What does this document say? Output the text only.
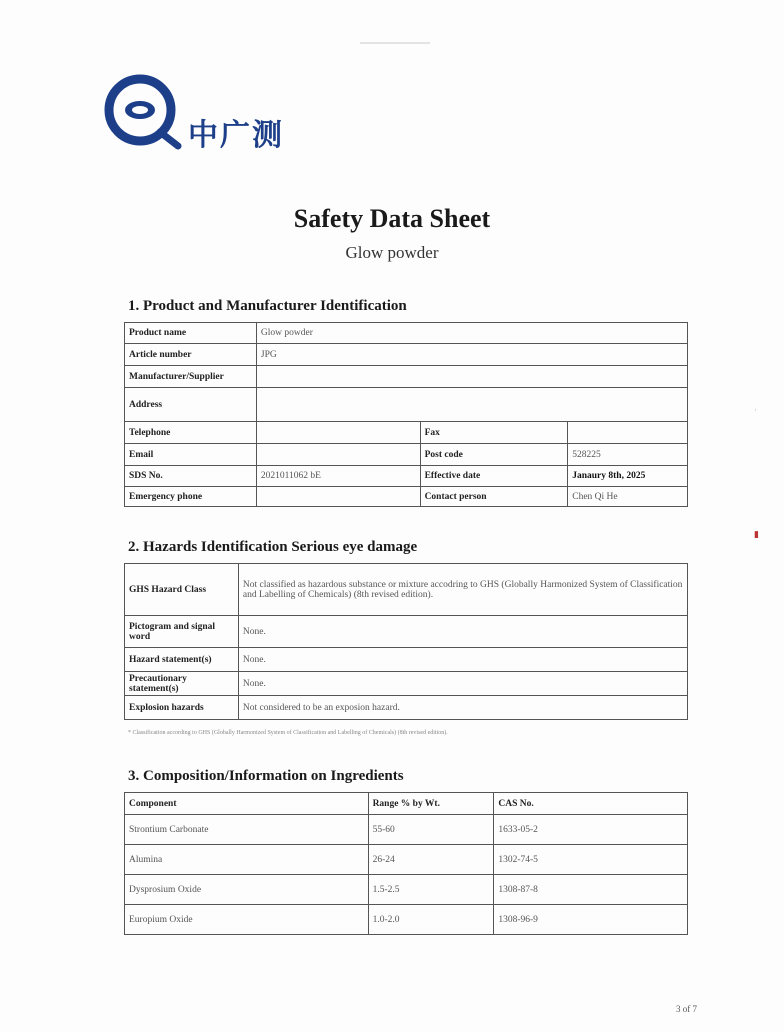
中广测
Safety Data Sheet
Glow powder
1. Product and Manufacturer Identification
Product name	Glow powder		
Article number	JPG		
Manufacturer/Supplier			
Address			
Telephone		Fax	
Email		Post code	528225
SDS No.	2021011062 bE	Effective date	Janaury 8th, 2025
Emergency phone		Contact person	Chen Qi He
2. Hazards Identification Serious eye damage
GHS Hazard Class	Not classified as hazardous substance or mixture accodring to GHS (Globally Harmonized System of Classification and Labelling of Chemicals) (8th revised edition).
Pictogram and signal word	None.
Hazard statement(s)	None.
Precautionary statement(s)	None.
Explosion hazards	Not considered to be an exposion hazard.
* Classification according to GHS (Globally Harmonized System of Classification and Labelling of Chemicals) (8th revised edition).
3. Composition/Information on Ingredients
Component	Range % by Wt.	CAS No.
Strontium Carbonate	55-60	1633-05-2
Alumina	26-24	1302-74-5
Dysprosium Oxide	1.5-2.5	1308-87-8
Europium Oxide	1.0-2.0	1308-96-9
·
▮
3 of 7
